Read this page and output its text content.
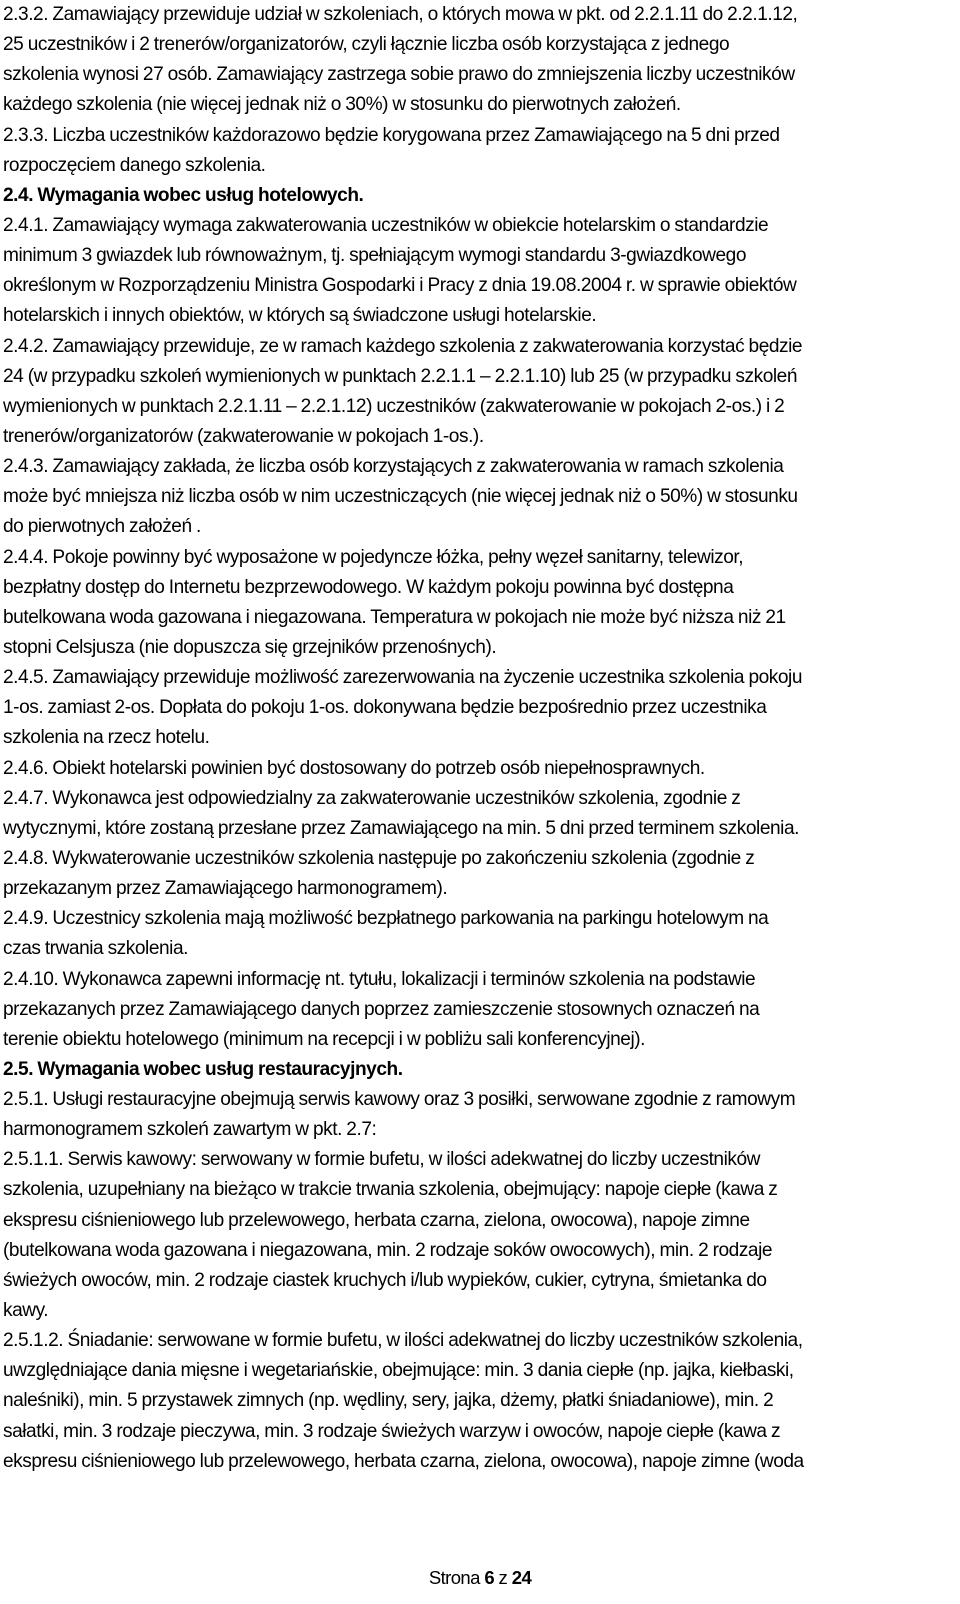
2.3.2. Zamawiający przewiduje udział w szkoleniach, o których mowa w pkt. od 2.2.1.11 do 2.2.1.12,
25 uczestników i 2 trenerów/organizatorów, czyli łącznie liczba osób korzystająca z jednego
szkolenia wynosi 27 osób. Zamawiający zastrzega sobie prawo do zmniejszenia liczby uczestników
każdego szkolenia (nie więcej jednak niż o 30%) w stosunku do pierwotnych założeń.
2.3.3. Liczba uczestników każdorazowo będzie korygowana przez Zamawiającego na 5 dni przed
rozpoczęciem danego szkolenia.
2.4. Wymagania wobec usług hotelowych.
2.4.1. Zamawiający wymaga zakwaterowania uczestników w obiekcie hotelarskim o standardzie
minimum 3 gwiazdek lub równoważnym, tj. spełniającym wymogi standardu 3-gwiazdkowego
określonym w Rozporządzeniu Ministra Gospodarki i Pracy z dnia 19.08.2004 r. w sprawie obiektów
hotelarskich i innych obiektów, w których są świadczone usługi hotelarskie.
2.4.2. Zamawiający przewiduje, ze w ramach każdego szkolenia z zakwaterowania korzystać będzie
24 (w przypadku szkoleń wymienionych w punktach 2.2.1.1 – 2.2.1.10) lub 25 (w przypadku szkoleń
wymienionych w punktach 2.2.1.11 – 2.2.1.12) uczestników (zakwaterowanie w pokojach 2-os.) i 2
trenerów/organizatorów (zakwaterowanie w pokojach 1-os.).
2.4.3. Zamawiający zakłada, że liczba osób korzystających z zakwaterowania w ramach szkolenia
może być mniejsza niż liczba osób w nim uczestniczących (nie więcej jednak niż o 50%) w stosunku
do pierwotnych założeń .
2.4.4. Pokoje powinny być wyposażone w pojedyncze łóżka, pełny węzeł sanitarny, telewizor,
bezpłatny dostęp do Internetu bezprzewodowego. W każdym pokoju powinna być dostępna
butelkowana woda gazowana i niegazowana. Temperatura w pokojach nie może być niższa niż 21
stopni Celsjusza (nie dopuszcza się grzejników przenośnych).
2.4.5. Zamawiający przewiduje możliwość zarezerwowania na życzenie uczestnika szkolenia pokoju
1-os. zamiast 2-os. Dopłata do pokoju 1-os. dokonywana będzie bezpośrednio przez uczestnika
szkolenia na rzecz hotelu.
2.4.6. Obiekt hotelarski powinien być dostosowany do potrzeb osób niepełnosprawnych.
2.4.7. Wykonawca jest odpowiedzialny za zakwaterowanie uczestników szkolenia, zgodnie z
wytycznymi, które zostaną przesłane przez Zamawiającego na min. 5 dni przed terminem szkolenia.
2.4.8. Wykwaterowanie uczestników szkolenia następuje po zakończeniu szkolenia (zgodnie z
przekazanym przez Zamawiającego harmonogramem).
2.4.9. Uczestnicy szkolenia mają możliwość bezpłatnego parkowania na parkingu hotelowym na
czas trwania szkolenia.
2.4.10. Wykonawca zapewni informację nt. tytułu, lokalizacji i terminów szkolenia na podstawie
przekazanych przez Zamawiającego danych poprzez zamieszczenie stosownych oznaczeń na
terenie obiektu hotelowego (minimum na recepcji i w pobliżu sali konferencyjnej).
2.5. Wymagania wobec usług restauracyjnych.
2.5.1. Usługi restauracyjne obejmują serwis kawowy oraz 3 posiłki, serwowane zgodnie z ramowym
harmonogramem szkoleń zawartym w pkt. 2.7:
2.5.1.1. Serwis kawowy: serwowany w formie bufetu, w ilości adekwatnej do liczby uczestników
szkolenia, uzupełniany na bieżąco w trakcie trwania szkolenia, obejmujący: napoje ciepłe (kawa z
ekspresu ciśnieniowego lub przelewowego, herbata czarna, zielona, owocowa), napoje zimne
(butelkowana woda gazowana i niegazowana, min. 2 rodzaje soków owocowych), min. 2 rodzaje
świeżych owoców, min. 2 rodzaje ciastek kruchych i/lub wypieków, cukier, cytryna, śmietanka do
kawy.
2.5.1.2. Śniadanie: serwowane w formie bufetu, w ilości adekwatnej do liczby uczestników szkolenia,
uwzględniające dania mięsne i wegetariańskie, obejmujące: min. 3 dania ciepłe (np. jajka, kiełbaski,
naleśniki), min. 5 przystawek zimnych (np. wędliny, sery, jajka, dżemy, płatki śniadaniowe), min. 2
sałatki, min. 3 rodzaje pieczywa, min. 3 rodzaje świeżych warzyw i owoców, napoje ciepłe (kawa z
ekspresu ciśnieniowego lub przelewowego, herbata czarna, zielona, owocowa), napoje zimne (woda
Strona 6 z 24
